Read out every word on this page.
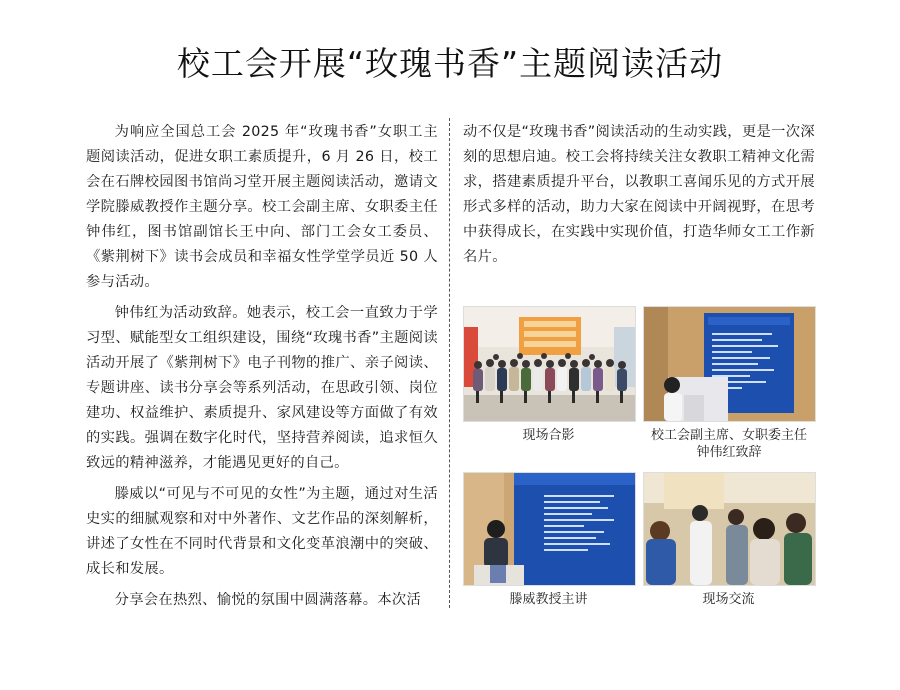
校工会开展“玫瑰书香”主题阅读活动

为响应全国总工会 2025 年“玫瑰书香”女职工主题阅读活动，促进女职工素质提升，6 月 26 日，校工会在石牌校园图书馆尚习堂开展主题阅读活动，邀请文学院滕威教授作主题分享。校工会副主席、女职委主任钟伟红，图书馆副馆长王中向、部门工会女工委员、《紫荆树下》读书会成员和幸福女性学堂学员近 50 人参与活动。

钟伟红为活动致辞。她表示，校工会一直致力于学习型、赋能型女工组织建设，围绕“玫瑰书香”主题阅读活动开展了《紫荆树下》电子刊物的推广、亲子阅读、专题讲座、读书分享会等系列活动，在思政引领、岗位建功、权益维护、素质提升、家风建设等方面做了有效的实践。强调在数字化时代，坚持营养阅读，追求恒久致远的精神滋养，才能遇见更好的自己。

滕威以“可见与不可见的女性”为主题，通过对生活史实的细腻观察和对中外著作、文艺作品的深刻解析，讲述了女性在不同时代背景和文化变革浪潮中的突破、成长和发展。

分享会在热烈、愉悦的氛围中圆满落幕。本次活

动不仅是“玫瑰书香”阅读活动的生动实践，更是一次深刻的思想启迪。校工会将持续关注女教职工精神文化需求，搭建素质提升平台，以教职工喜闻乐见的方式开展形式多样的活动，助力大家在阅读中开阔视野，在思考中获得成长，在实践中实现价值，打造华师女工工作新名片。

现场合影	校工会副主席、女职委主任
钟伟红致辞
滕威教授主讲	现场交流
